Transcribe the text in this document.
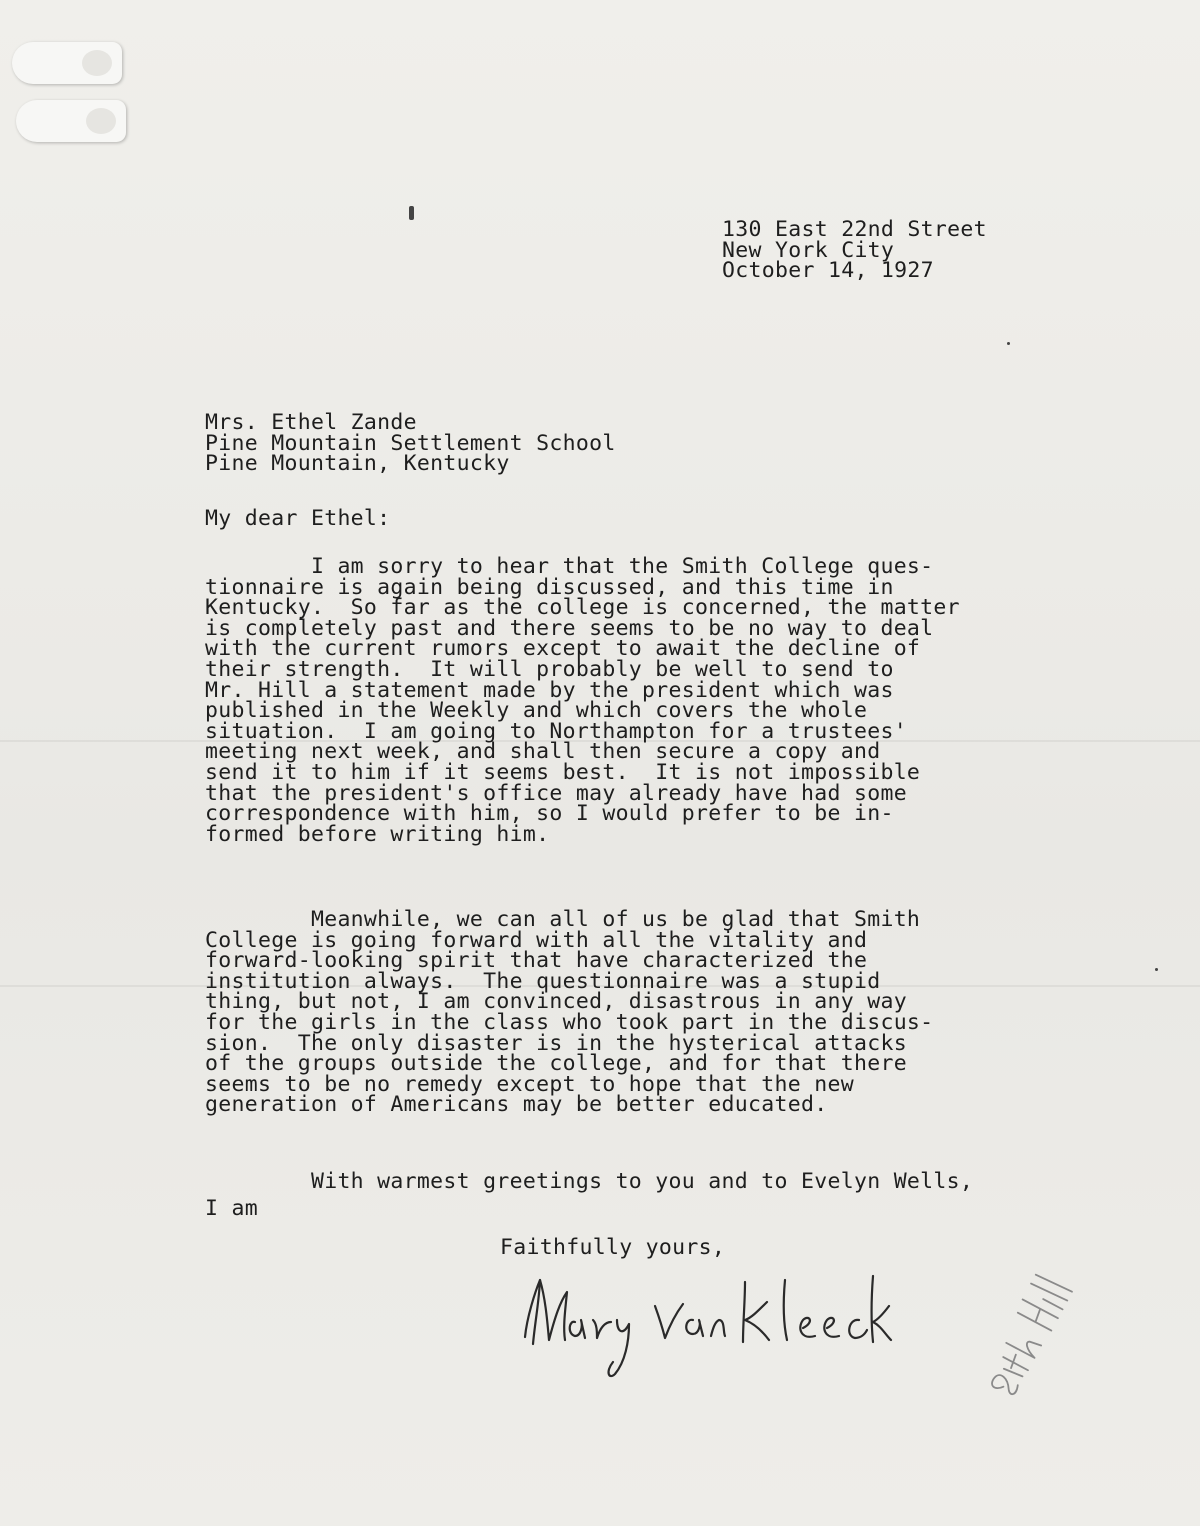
130 East 22nd Street
New York City
October 14, 1927
Mrs. Ethel Zande
Pine Mountain Settlement School
Pine Mountain, Kentucky
My dear Ethel:
I am sorry to hear that the Smith College ques-
tionnaire is again being discussed, and this time in
Kentucky.  So far as the college is concerned, the matter
is completely past and there seems to be no way to deal
with the current rumors except to await the decline of
their strength.  It will probably be well to send to
Mr. Hill a statement made by the president which was
published in the Weekly and which covers the whole
situation.  I am going to Northampton for a trustees'
meeting next week, and shall then secure a copy and
send it to him if it seems best.  It is not impossible
that the president's office may already have had some
correspondence with him, so I would prefer to be in-
formed before writing him.
Meanwhile, we can all of us be glad that Smith
College is going forward with all the vitality and
forward-looking spirit that have characterized the
institution always.  The questionnaire was a stupid
thing, but not, I am convinced, disastrous in any way
for the girls in the class who took part in the discus-
sion.  The only disaster is in the hysterical attacks
of the groups outside the college, and for that there
seems to be no remedy except to hope that the new
generation of Americans may be better educated.
With warmest greetings to you and to Evelyn Wells,
I am
Faithfully yours,
